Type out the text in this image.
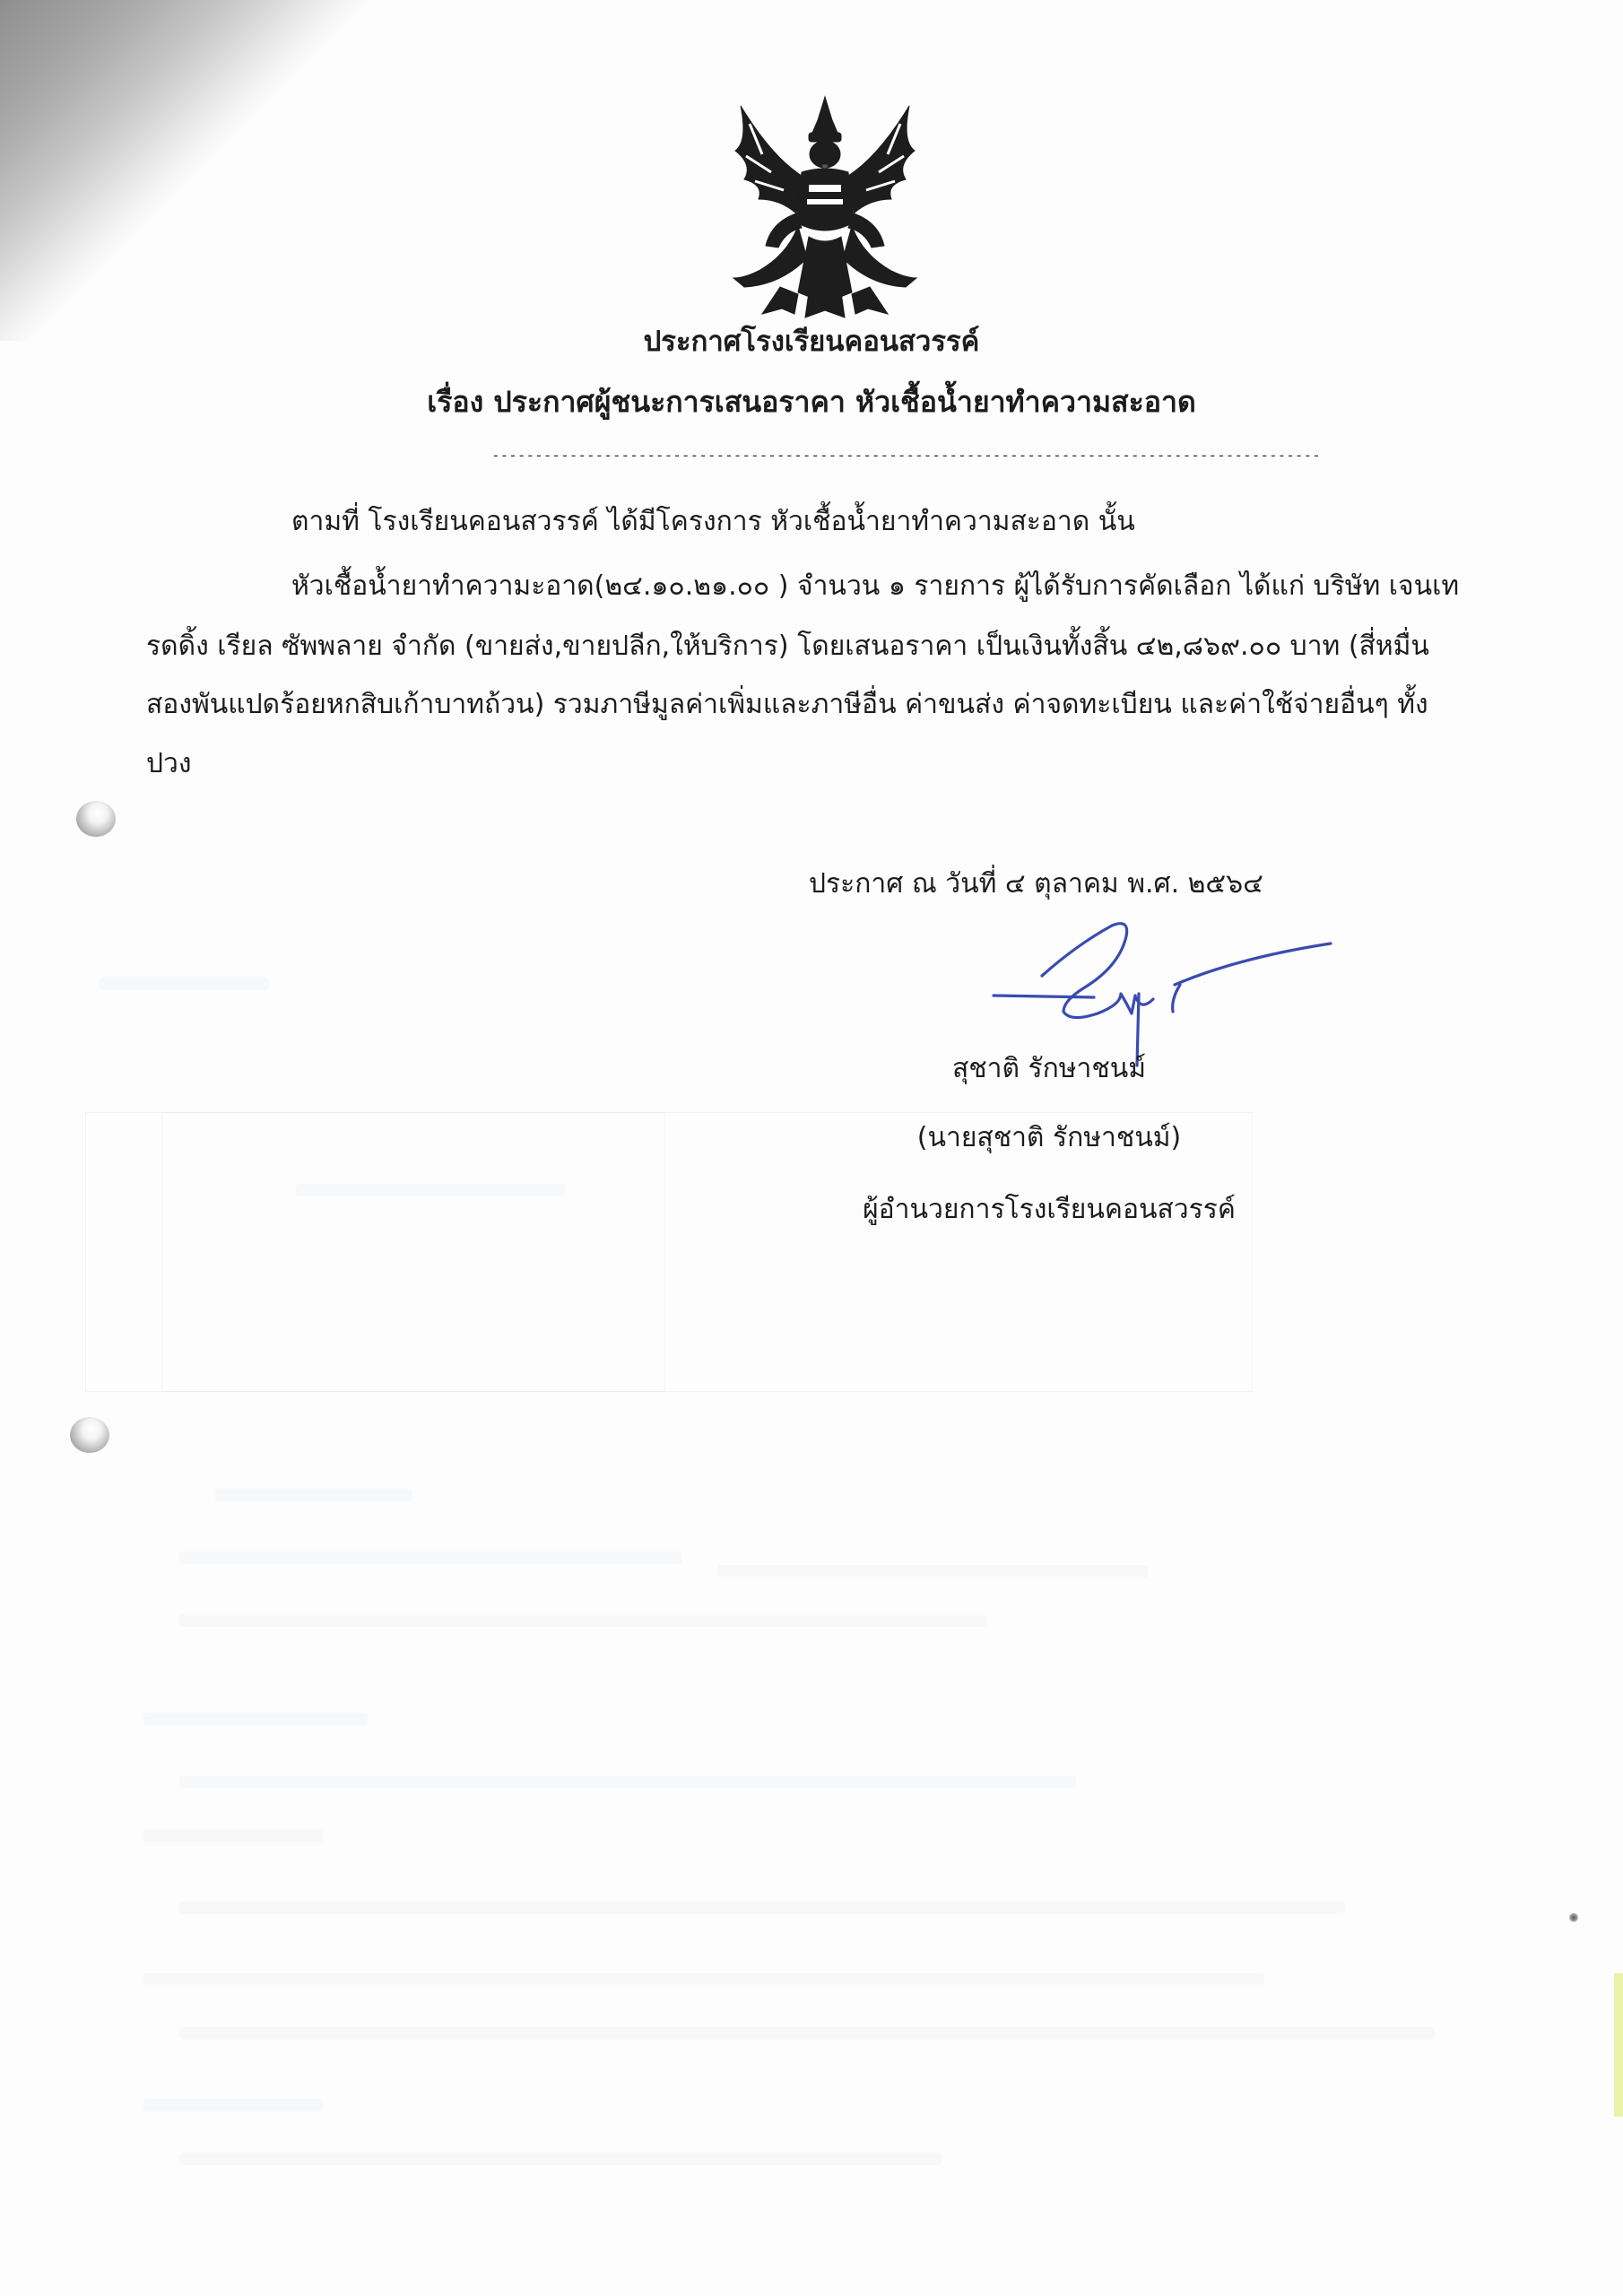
ประกาศโรงเรียนคอนสวรรค์
เรื่อง ประกาศผู้ชนะการเสนอราคา หัวเชื้อน้ำยาทำความสะอาด
------------------------------------------------------------------------------------------------
ตามที่ โรงเรียนคอนสวรรค์ ได้มีโครงการ หัวเชื้อน้ำยาทำความสะอาด นั้น
หัวเชื้อน้ำยาทำความะอาด(๒๔.๑๐.๒๑.๐๐ ) จำนวน ๑ รายการ ผู้ได้รับการคัดเลือก ได้แก่ บริษัท เจนเท
รดดิ้ง เรียล ซัพพลาย จำกัด (ขายส่ง,ขายปลีก,ให้บริการ) โดยเสนอราคา เป็นเงินทั้งสิ้น ๔๒,๘๖๙.๐๐ บาท (สี่หมื่น
สองพันแปดร้อยหกสิบเก้าบาทถ้วน) รวมภาษีมูลค่าเพิ่มและภาษีอื่น ค่าขนส่ง ค่าจดทะเบียน และค่าใช้จ่ายอื่นๆ ทั้ง
ปวง
ประกาศ ณ วันที่ ๔ ตุลาคม พ.ศ. ๒๕๖๔
สุชาติ รักษาชนม์
(นายสุชาติ รักษาชนม์)
ผู้อำนวยการโรงเรียนคอนสวรรค์
